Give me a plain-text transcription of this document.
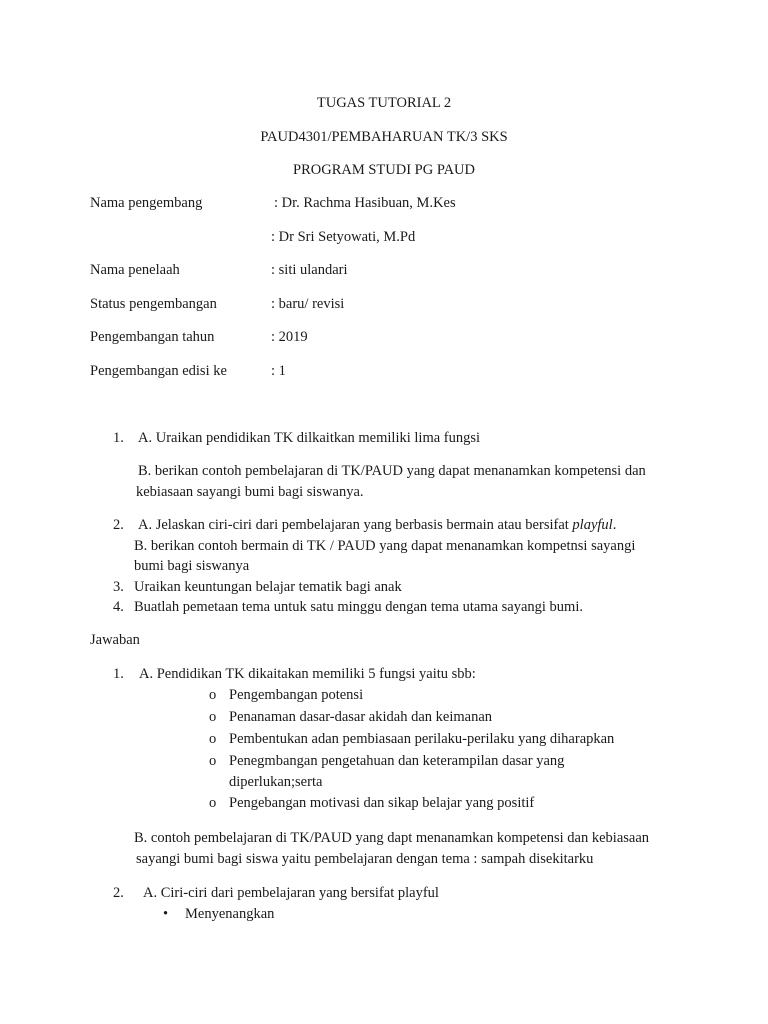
TUGAS TUTORIAL 2
PAUD4301/PEMBAHARUAN TK/3 SKS
PROGRAM STUDI PG PAUD
Nama pengembang	: Dr. Rachma Hasibuan, M.Kes
: Dr Sri Setyowati, M.Pd
Nama penelaah	: siti ulandari
Status pengembangan	: baru/ revisi
Pengembangan tahun	: 2019
Pengembangan edisi ke	: 1
1. A. Uraikan pendidikan TK dilkaitkan memiliki lima fungsi
B. berikan contoh pembelajaran di TK/PAUD yang dapat menanamkan kompetensi dan
kebiasaan sayangi bumi bagi siswanya.
2. A. Jelaskan ciri-ciri dari pembelajaran yang berbasis bermain atau bersifat playful.
B. berikan contoh bermain di TK / PAUD yang dapat menanamkan kompetnsi sayangi
bumi bagi siswanya
3. Uraikan keuntungan belajar tematik bagi anak
4. Buatlah pemetaan tema untuk satu minggu dengan tema utama sayangi bumi.
Jawaban
1. A. Pendidikan TK dikaitakan memiliki 5 fungsi yaitu sbb:
o Pengembangan potensi
o Penanaman dasar-dasar akidah dan keimanan
o Pembentukan adan pembiasaan perilaku-perilaku yang diharapkan
o Penegmbangan pengetahuan dan keterampilan dasar yang
diperlukan;serta
o Pengebangan motivasi dan sikap belajar yang positif
B. contoh pembelajaran di TK/PAUD yang dapt menanamkan kompetensi dan kebiasaan
sayangi bumi bagi siswa yaitu pembelajaran dengan tema : sampah disekitarku
2. A. Ciri-ciri dari pembelajaran yang bersifat playful
• Menyenangkan
